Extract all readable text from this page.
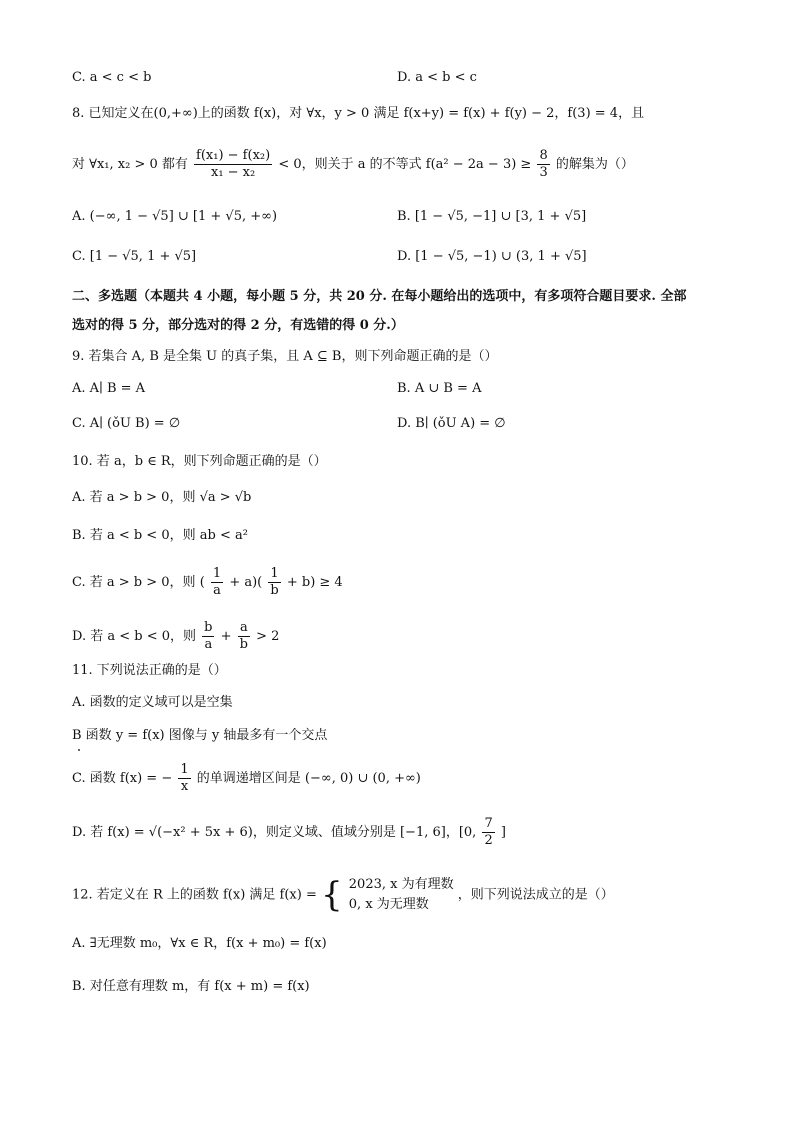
C. a < c < b	D. a < b < c
8. 已知定义在(0,+∞)上的函数 f(x)，对 ∀x，y > 0 满足 f(x+y) = f(x) + f(y) − 2，f(3) = 4，且
对 ∀x₁, x₂ > 0 都有 $\frac{\text{f(x₁) − f(x₂)}}{\text{x₁ − x₂}} < 0$，则关于 a 的不等式 $f(a^2 - 2a - 3) \ge \frac{8}{3}$ 的解集为（）
A. (−∞, 1 − √5] ∪ [1 + √5, +∞)	B. [1 − √5, −1] ∪ [3, 1 + √5]
C. [1 − √5, 1 + √5]	D. [1 − √5, −1) ∪ (3, 1 + √5]
二、多选题（本题共 4 小题，每小题 5 分，共 20 分. 在每小题给出的选项中，有多项符合题目要求. 全部
选对的得 5 分，部分选对的得 2 分，有选错的得 0 分.）
9. 若集合 A, B 是全集 U 的真子集，且 A ⊆ B，则下列命题正确的是（）
A. A∣ B = A	B. A ∪ B = A
C. A∣ (ǒU B) = ∅	D. B∣ (ǒU A) = ∅
10. 若 a，b ∈ R，则下列命题正确的是（）
A. 若 a > b > 0，则 √a > √b
B. 若 a < b < 0，则 ab < a²
C. 若 a > b > 0，则 ( $\frac{1}{a} + a)( \frac{1}{b} + b) \ge 4$
D. 若 a < b < 0，则 $\frac{b}{a} + \frac{a}{b} > 2$
11. 下列说法正确的是（）
A. 函数的定义域可以是空集
B 函数 y = f(x) 图像与 y 轴最多有一个交点
C. 函数 f(x) = − $\frac{1}{x}$ 的单调递增区间是 (−∞, 0) ∪ (0, +∞)
D. 若 f(x) = √(−x² + 5x + 6)，则定义域、值域分别是 [−1, 6]，[0, $\frac{7}{2}$ ]
12. 若定义在 R 上的函数 f(x) 满足 f(x) = { 2023, x 为有理数
0, x 为无理数
，则下列说法成立的是（）
A. ∃无理数 m₀，∀x ∈ R，f(x + m₀) = f(x)
B. 对任意有理数 m，有 f(x + m) = f(x)
